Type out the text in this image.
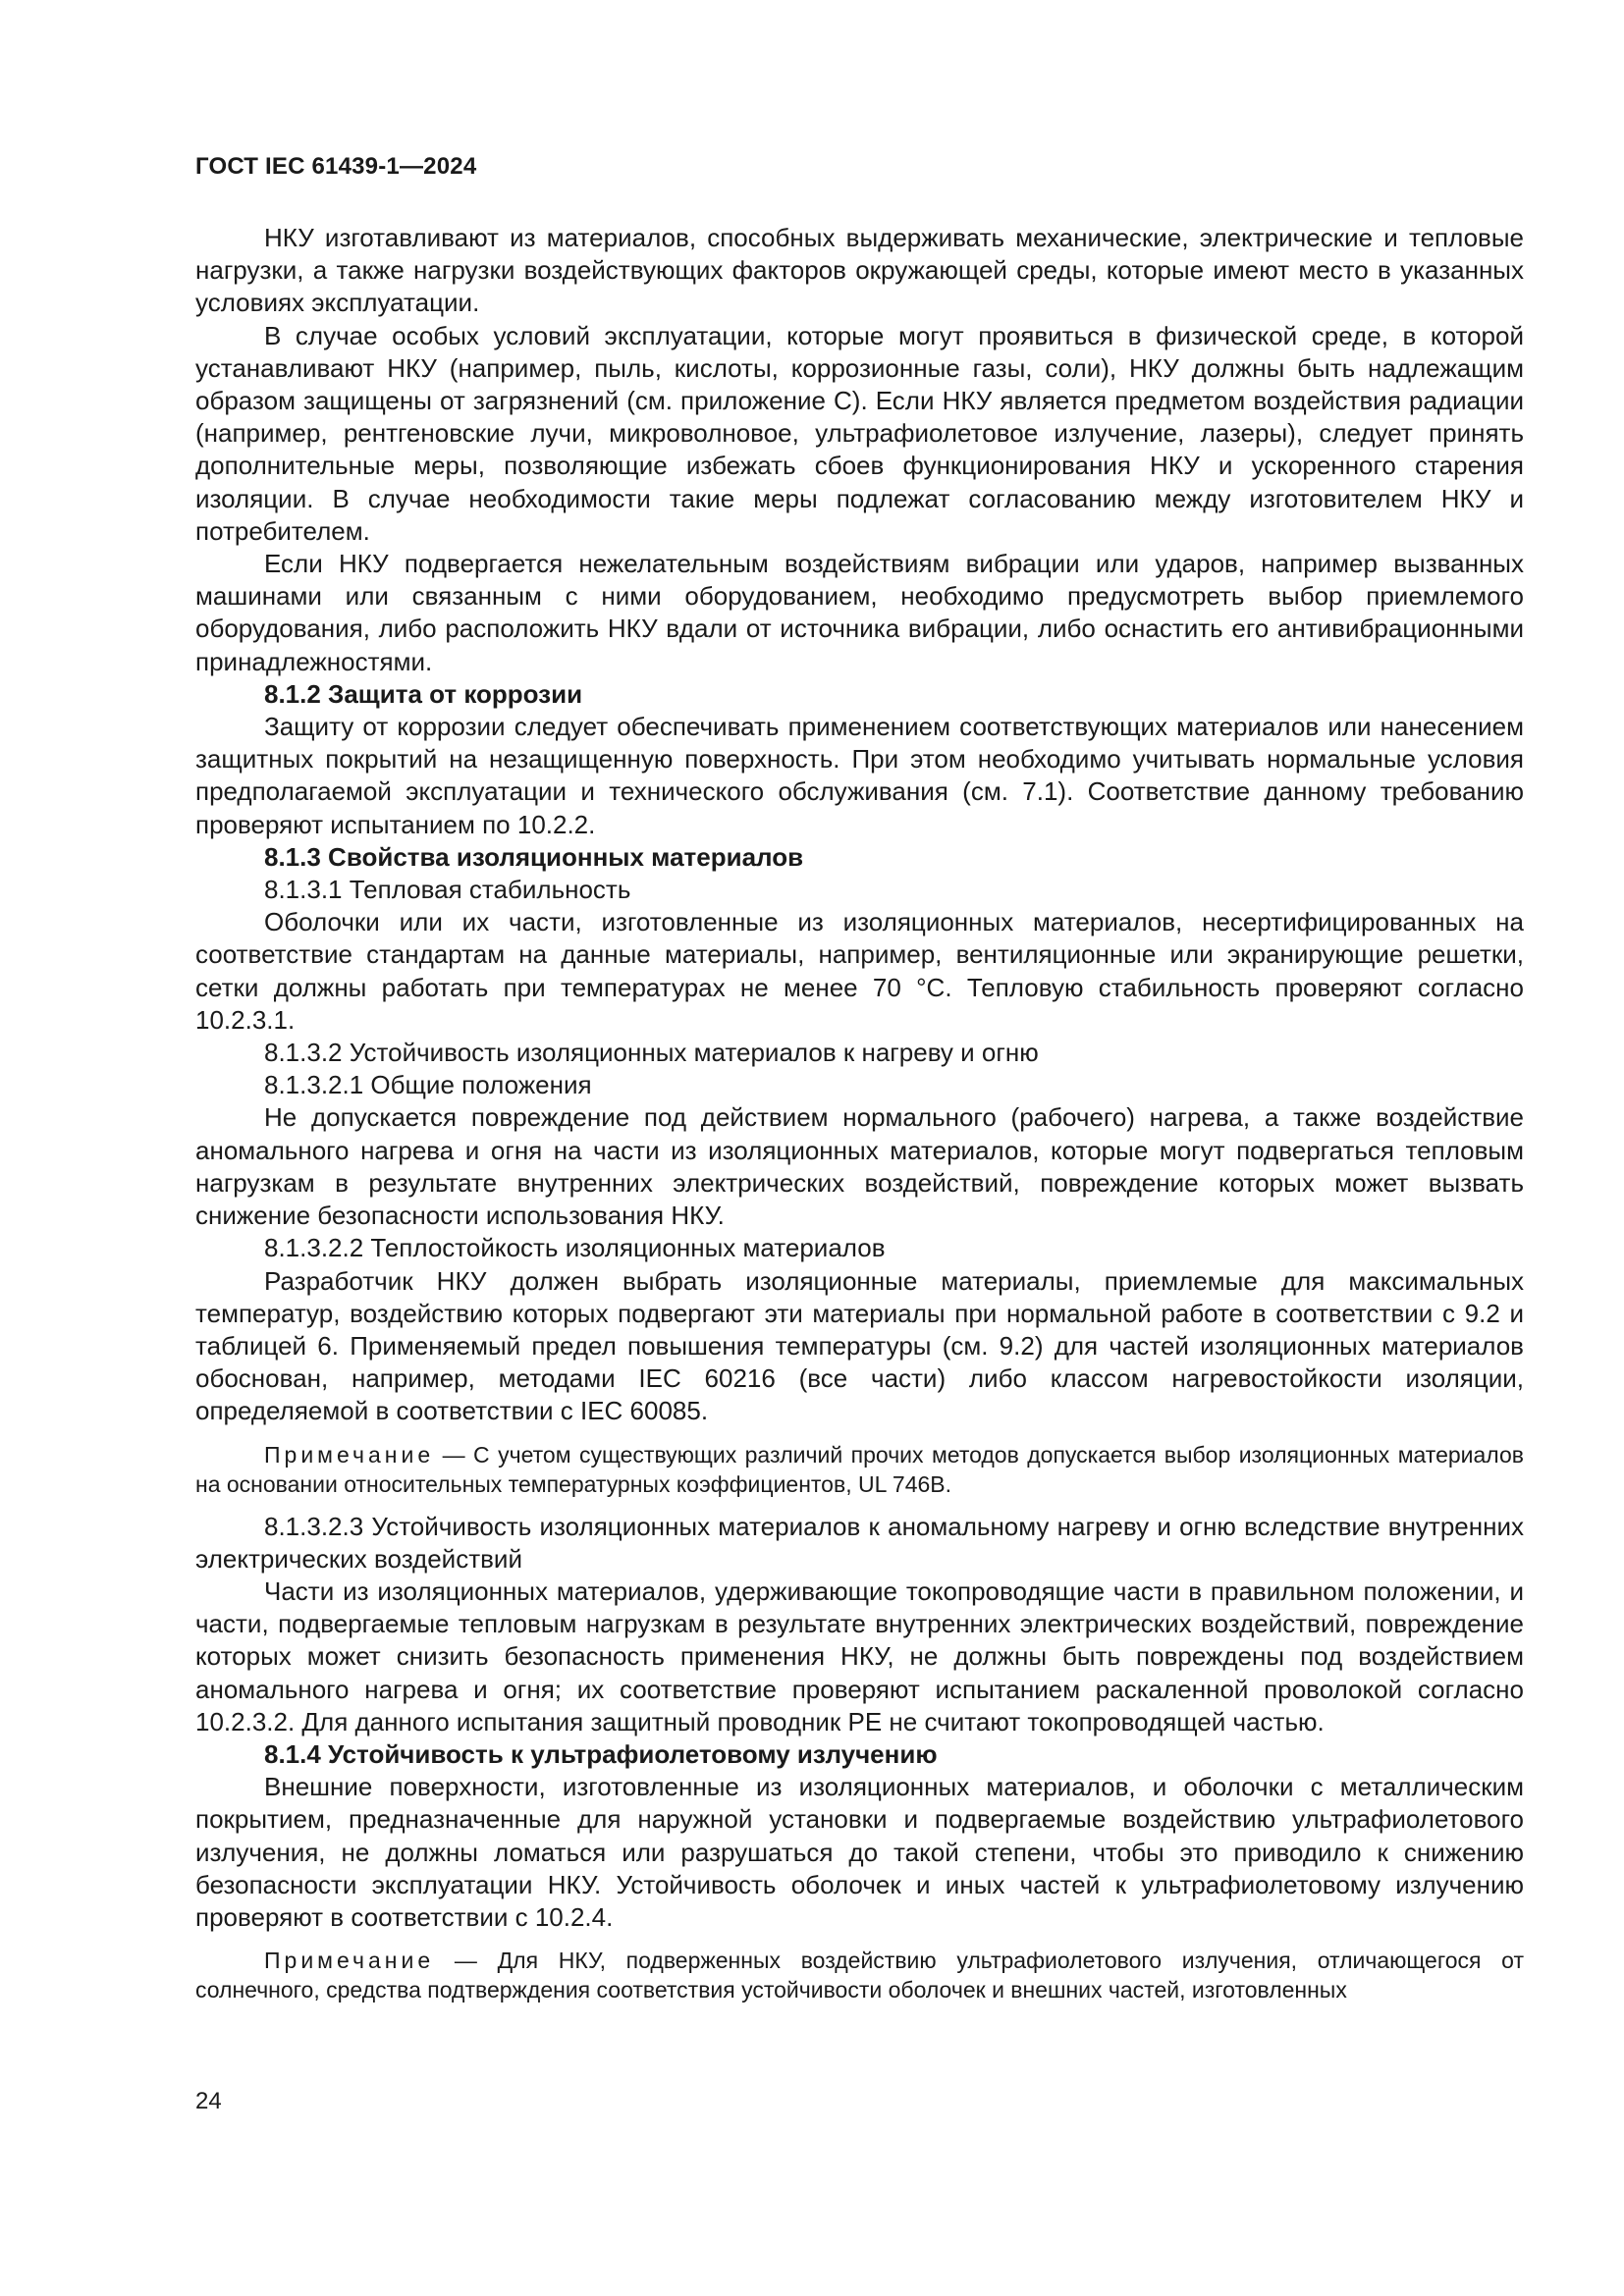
ГОСТ IEC 61439-1—2024

НКУ изготавливают из материалов, способных выдерживать механические, электрические и тепловые нагрузки, а также нагрузки воздействующих факторов окружающей среды, которые имеют место в указанных условиях эксплуатации.

В случае особых условий эксплуатации, которые могут проявиться в физической среде, в которой устанавливают НКУ (например, пыль, кислоты, коррозионные газы, соли), НКУ должны быть надлежащим образом защищены от загрязнений (см. приложение С). Если НКУ является предметом воздействия радиации (например, рентгеновские лучи, микроволновое, ультрафиолетовое излучение, лазеры), следует принять дополнительные меры, позволяющие избежать сбоев функционирования НКУ и ускоренного старения изоляции. В случае необходимости такие меры подлежат согласованию между изготовителем НКУ и потребителем.

Если НКУ подвергается нежелательным воздействиям вибрации или ударов, например вызванных машинами или связанным с ними оборудованием, необходимо предусмотреть выбор приемлемого оборудования, либо расположить НКУ вдали от источника вибрации, либо оснастить его антивибрационными принадлежностями.

8.1.2 Защита от коррозии

Защиту от коррозии следует обеспечивать применением соответствующих материалов или нанесением защитных покрытий на незащищенную поверхность. При этом необходимо учитывать нормальные условия предполагаемой эксплуатации и технического обслуживания (см. 7.1). Соответствие данному требованию проверяют испытанием по 10.2.2.

8.1.3 Свойства изоляционных материалов

8.1.3.1 Тепловая стабильность

Оболочки или их части, изготовленные из изоляционных материалов, несертифицированных на соответствие стандартам на данные материалы, например, вентиляционные или экранирующие решетки, сетки должны работать при температурах не менее 70 °С. Тепловую стабильность проверяют согласно 10.2.3.1.

8.1.3.2 Устойчивость изоляционных материалов к нагреву и огню

8.1.3.2.1 Общие положения

Не допускается повреждение под действием нормального (рабочего) нагрева, а также воздействие аномального нагрева и огня на части из изоляционных материалов, которые могут подвергаться тепловым нагрузкам в результате внутренних электрических воздействий, повреждение которых может вызвать снижение безопасности использования НКУ.

8.1.3.2.2 Теплостойкость изоляционных материалов

Разработчик НКУ должен выбрать изоляционные материалы, приемлемые для максимальных температур, воздействию которых подвергают эти материалы при нормальной работе в соответствии с 9.2 и таблицей 6. Применяемый предел повышения температуры (см. 9.2) для частей изоляционных материалов обоснован, например, методами IEC 60216 (все части) либо классом нагревостойкости изоляции, определяемой в соответствии с IEC 60085.

Примечание — С учетом существующих различий прочих методов допускается выбор изоляционных материалов на основании относительных температурных коэффициентов, UL 746B.

8.1.3.2.3 Устойчивость изоляционных материалов к аномальному нагреву и огню вследствие внутренних электрических воздействий

Части из изоляционных материалов, удерживающие токопроводящие части в правильном положении, и части, подвергаемые тепловым нагрузкам в результате внутренних электрических воздействий, повреждение которых может снизить безопасность применения НКУ, не должны быть повреждены под воздействием аномального нагрева и огня; их соответствие проверяют испытанием раскаленной проволокой согласно 10.2.3.2. Для данного испытания защитный проводник PE не считают токопроводящей частью.

8.1.4 Устойчивость к ультрафиолетовому излучению

Внешние поверхности, изготовленные из изоляционных материалов, и оболочки с металлическим покрытием, предназначенные для наружной установки и подвергаемые воздействию ультрафиолетового излучения, не должны ломаться или разрушаться до такой степени, чтобы это приводило к снижению безопасности эксплуатации НКУ. Устойчивость оболочек и иных частей к ультрафиолетовому излучению проверяют в соответствии с 10.2.4.

Примечание — Для НКУ, подверженных воздействию ультрафиолетового излучения, отличающегося от солнечного, средства подтверждения соответствия устойчивости оболочек и внешних частей, изготовленных

24
